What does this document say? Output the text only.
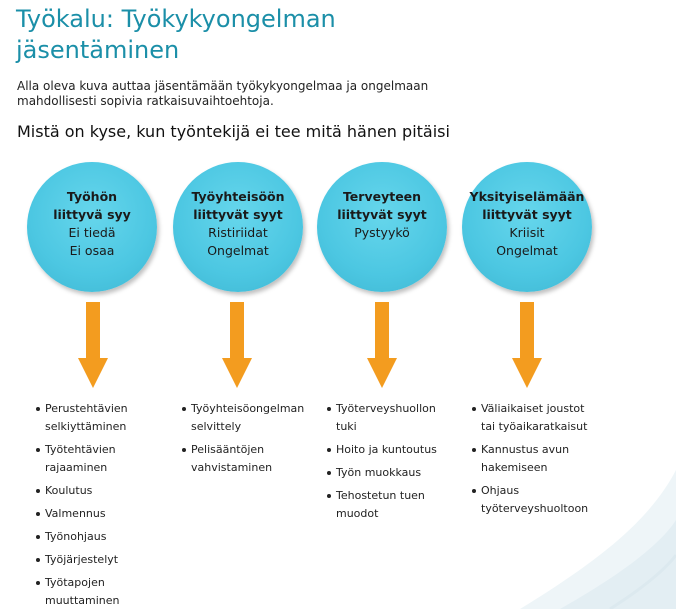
Työkalu: Työkykyongelman
jäsentäminen
Alla oleva kuva auttaa jäsentämään työkykyongelmaa ja ongelmaan
mahdollisesti sopivia ratkaisuvaihtoehtoja.
Mistä on kyse, kun työntekijä ei tee mitä hänen pitäisi
Työhön
liittyvä syy
Ei tiedä
Ei osaa
Perustehtävien
selkiyttäminen
Työtehtävien
rajaaminen
Koulutus
Valmennus
Työnohjaus
Työjärjestelyt
Työtapojen
muuttaminen
Työyhteisöön
liittyvät syyt
Ristiriidat
Ongelmat
Työyhteisöongelman
selvittely
Pelisääntöjen
vahvistaminen
Terveyteen
liittyvät syyt
Pystyykö
Työterveyshuollon
tuki
Hoito ja kuntoutus
Työn muokkaus
Tehostetun tuen
muodot
Yksityiselämään
liittyvät syyt
Kriisit
Ongelmat
Väliaikaiset joustot
tai työaikaratkaisut
Kannustus avun
hakemiseen
Ohjaus
työterveyshuoltoon
